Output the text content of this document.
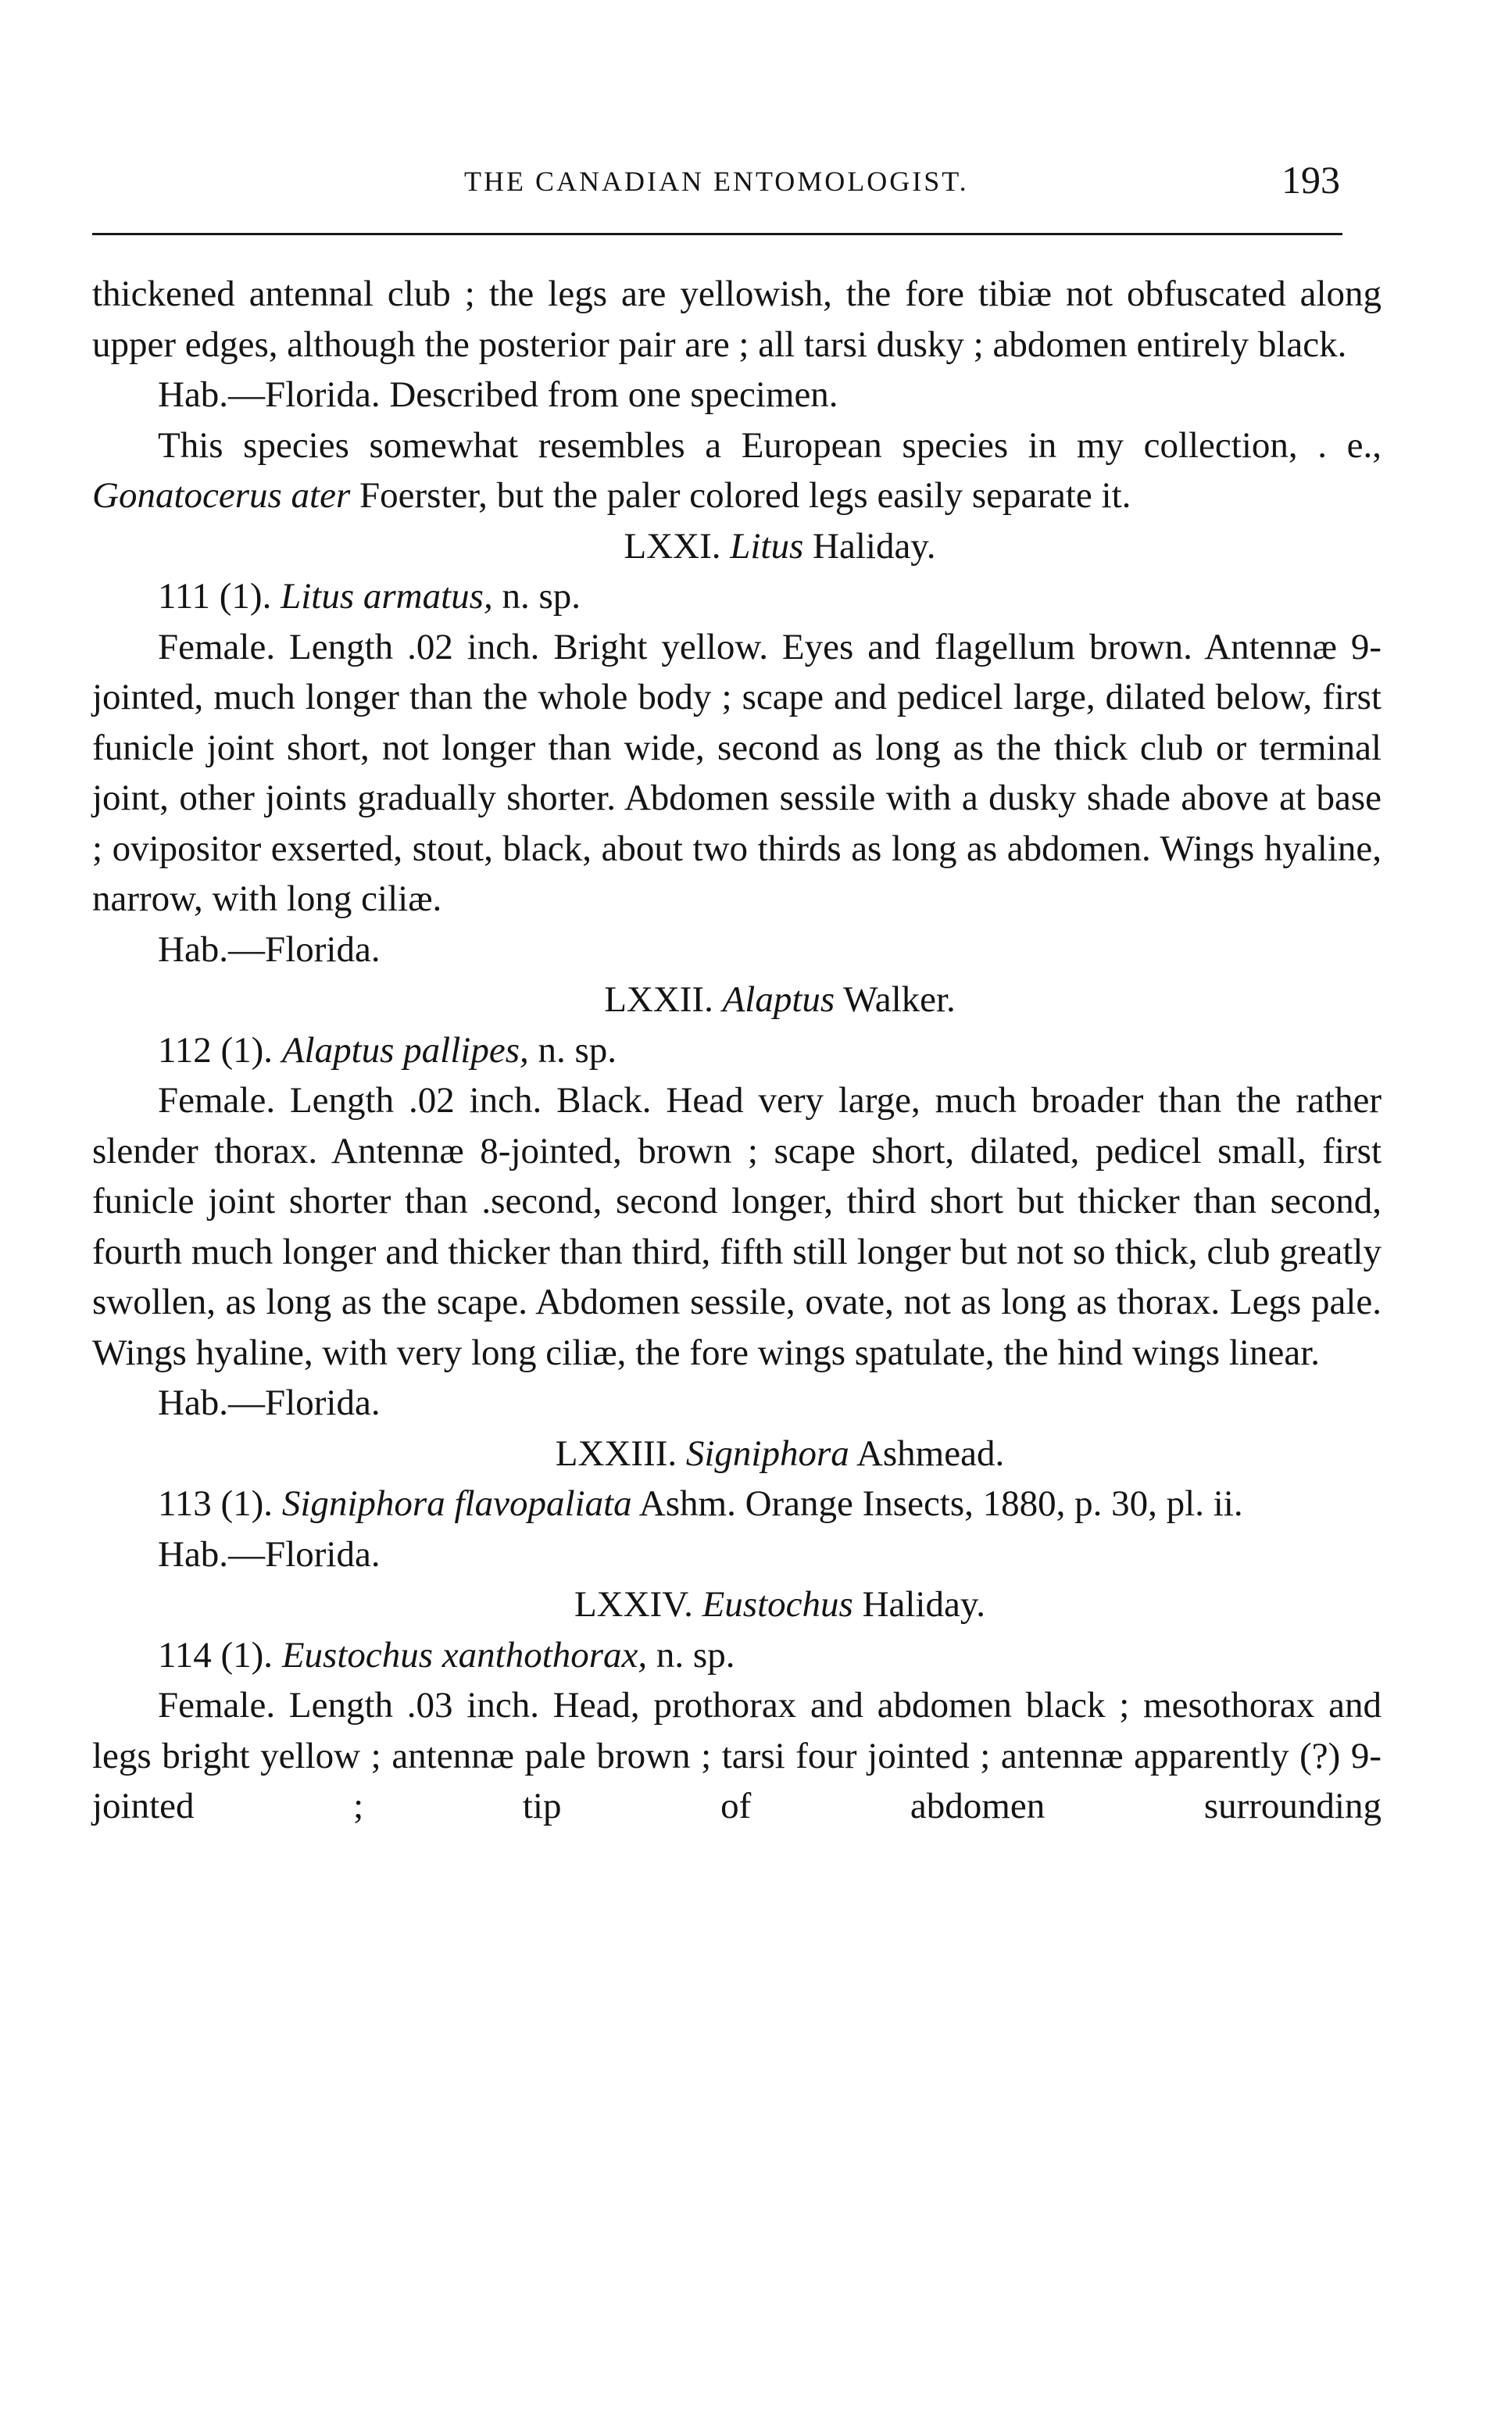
THE CANADIAN ENTOMOLOGIST.	193

thickened antennal club ; the legs are yellowish, the fore tibiæ not obfuscated along upper edges, although the posterior pair are ; all tarsi dusky ; abdomen entirely black.

Hab.—Florida. Described from one specimen.

This species somewhat resembles a European species in my collection, . e., Gonatocerus ater Foerster, but the paler colored legs easily separate it.

LXXI. Litus Haliday.

111 (1). Litus armatus, n. sp.

Female. Length .02 inch. Bright yellow. Eyes and flagellum brown. Antennæ 9-jointed, much longer than the whole body ; scape and pedicel large, dilated below, first funicle joint short, not longer than wide, second as long as the thick club or terminal joint, other joints gradually shorter. Abdomen sessile with a dusky shade above at base ; ovipositor exserted, stout, black, about two thirds as long as abdomen. Wings hyaline, narrow, with long ciliæ.

Hab.—Florida.

LXXII. Alaptus Walker.

112 (1). Alaptus pallipes, n. sp.

Female. Length .02 inch. Black. Head very large, much broader than the rather slender thorax. Antennæ 8-jointed, brown ; scape short, dilated, pedicel small, first funicle joint shorter than .second, second longer, third short but thicker than second, fourth much longer and thicker than third, fifth still longer but not so thick, club greatly swollen, as long as the scape. Abdomen sessile, ovate, not as long as thorax. Legs pale. Wings hyaline, with very long ciliæ, the fore wings spatulate, the hind wings linear.

Hab.—Florida.

LXXIII. Signiphora Ashmead.

113 (1). Signiphora flavopaliata Ashm. Orange Insects, 1880, p. 30, pl. ii.

Hab.—Florida.

LXXIV. Eustochus Haliday.

114 (1). Eustochus xanthothorax, n. sp.

Female. Length .03 inch. Head, prothorax and abdomen black ; mesothorax and legs bright yellow ; antennæ pale brown ; tarsi four jointed ; antennæ apparently (?) 9-jointed ; tip of abdomen surrounding
